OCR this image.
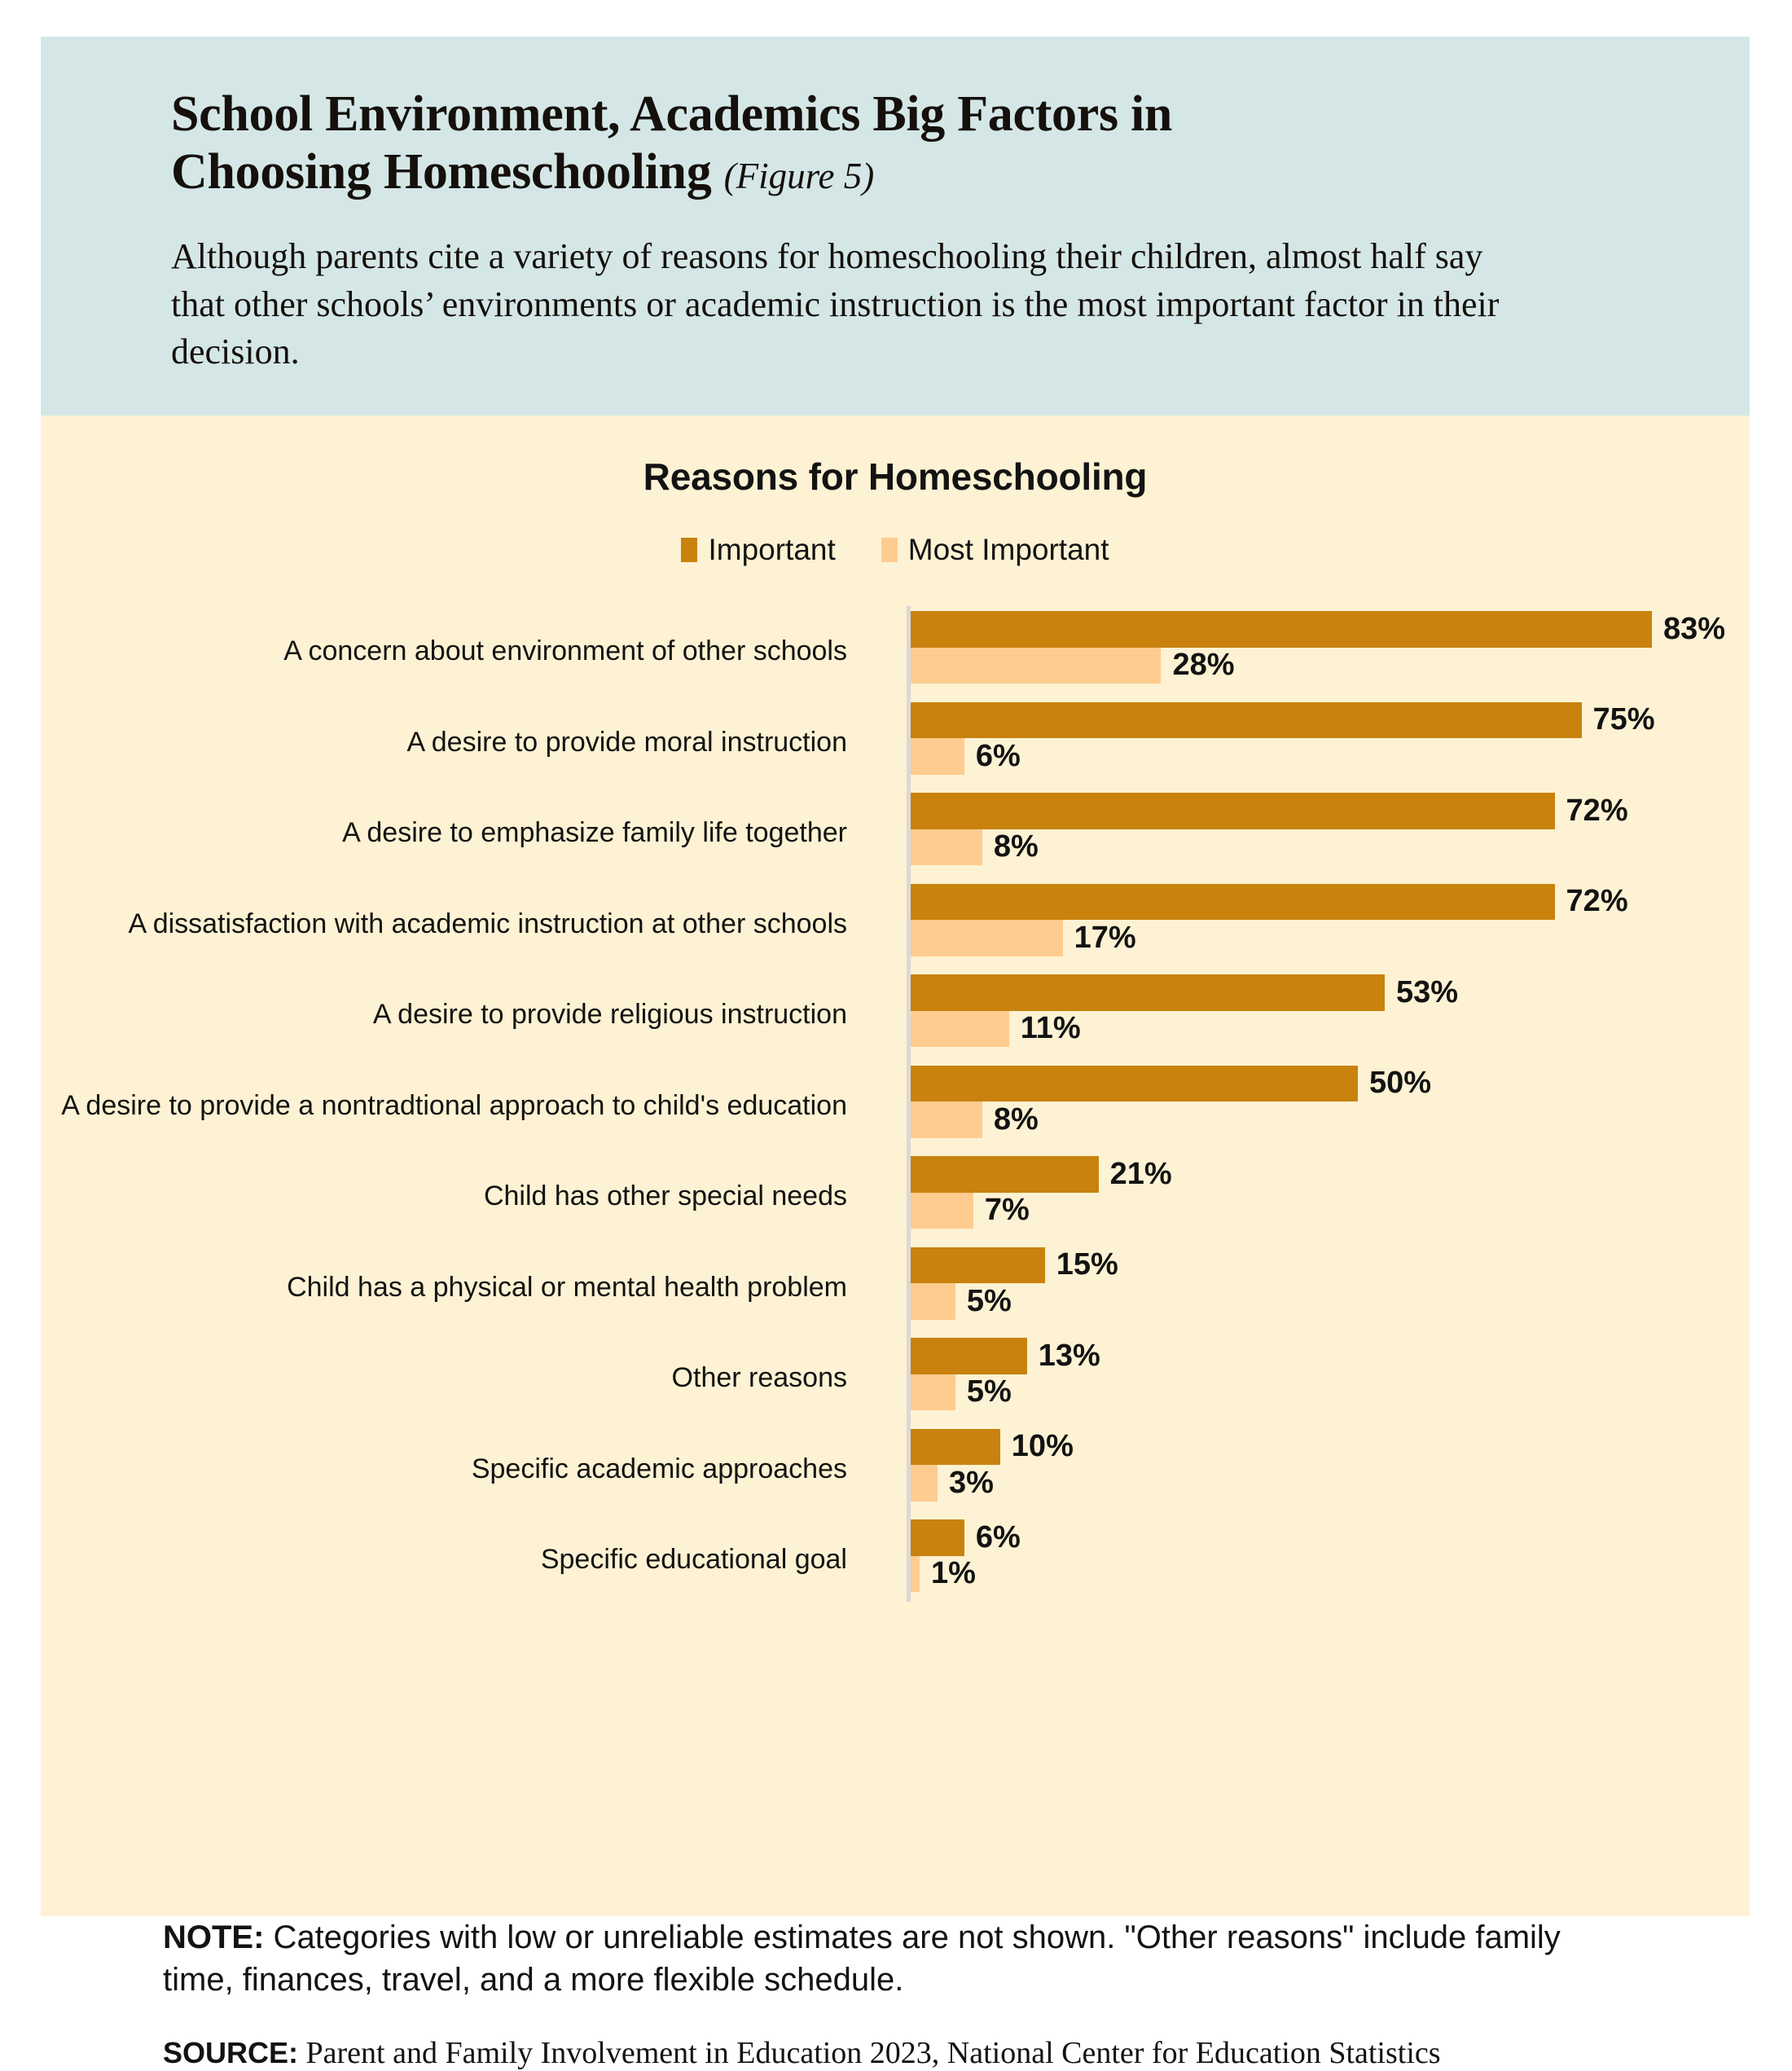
School Environment, Academics Big Factors in
Choosing Homeschooling (Figure 5)

Although parents cite a variety of reasons for homeschooling their children, almost half say that other schools’ environments or academic instruction is the most important factor in their decision.

Reasons for Homeschooling
Important Most Important
A concern about environment of other schools
83%
28%
A desire to provide moral instruction
75%
6%
A desire to emphasize family life together
72%
8%
A dissatisfaction with academic instruction at other schools
72%
17%
A desire to provide religious instruction
53%
11%
A desire to provide a nontradtional approach to child's education
50%
8%
Child has other special needs
21%
7%
Child has a physical or mental health problem
15%
5%
Other reasons
13%
5%
Specific academic approaches
10%
3%
Specific educational goal
6%
1%
NOTE: Categories with low or unreliable estimates are not shown. "Other reasons" include family time, finances, travel, and a more flexible schedule.
SOURCE: Parent and Family Involvement in Education 2023, National Center for Education Statistics
